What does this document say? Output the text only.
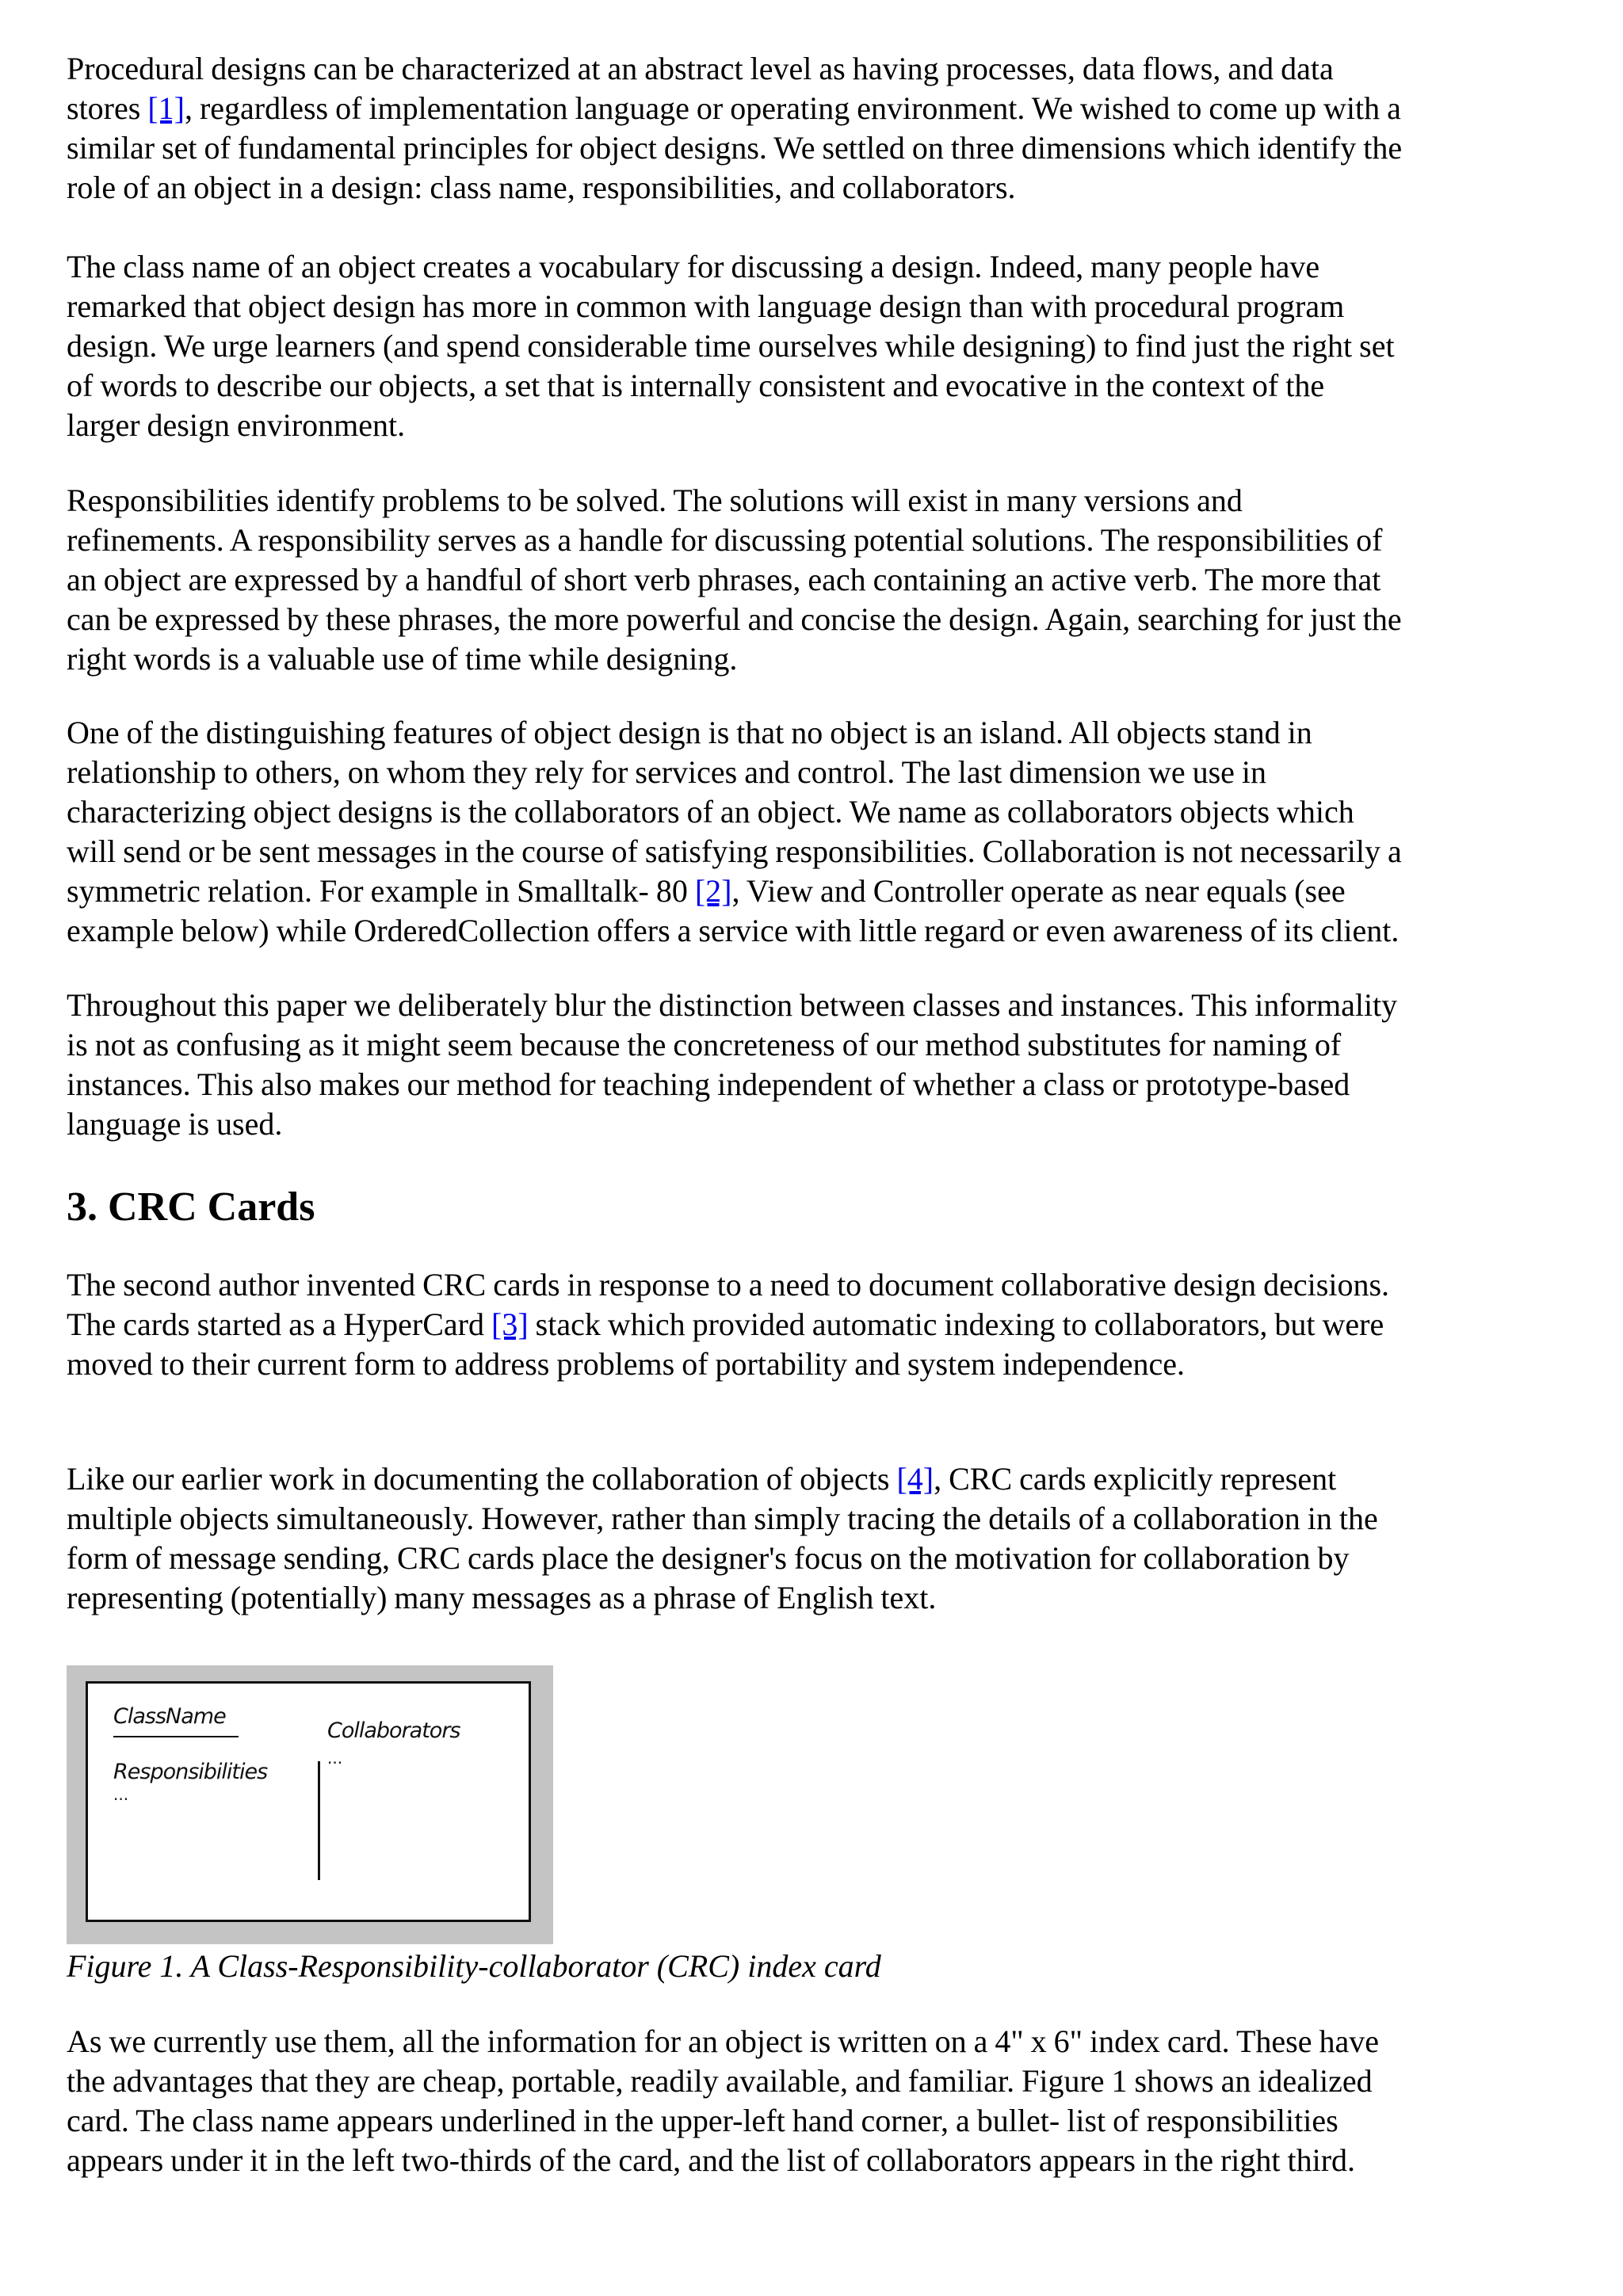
Procedural designs can be characterized at an abstract level as having processes, data flows, and data
stores [1], regardless of implementation language or operating environment. We wished to come up with a
similar set of fundamental principles for object designs. We settled on three dimensions which identify the
role of an object in a design: class name, responsibilities, and collaborators.

The class name of an object creates a vocabulary for discussing a design. Indeed, many people have
remarked that object design has more in common with language design than with procedural program
design. We urge learners (and spend considerable time ourselves while designing) to find just the right set
of words to describe our objects, a set that is internally consistent and evocative in the context of the
larger design environment.

Responsibilities identify problems to be solved. The solutions will exist in many versions and
refinements. A responsibility serves as a handle for discussing potential solutions. The responsibilities of
an object are expressed by a handful of short verb phrases, each containing an active verb. The more that
can be expressed by these phrases, the more powerful and concise the design. Again, searching for just the
right words is a valuable use of time while designing.

One of the distinguishing features of object design is that no object is an island. All objects stand in
relationship to others, on whom they rely for services and control. The last dimension we use in
characterizing object designs is the collaborators of an object. We name as collaborators objects which
will send or be sent messages in the course of satisfying responsibilities. Collaboration is not necessarily a
symmetric relation. For example in Smalltalk- 80 [2], View and Controller operate as near equals (see
example below) while OrderedCollection offers a service with little regard or even awareness of its client.

Throughout this paper we deliberately blur the distinction between classes and instances. This informality
is not as confusing as it might seem because the concreteness of our method substitutes for naming of
instances. This also makes our method for teaching independent of whether a class or prototype-based
language is used.

3. CRC Cards

The second author invented CRC cards in response to a need to document collaborative design decisions.
The cards started as a HyperCard [3] stack which provided automatic indexing to collaborators, but were
moved to their current form to address problems of portability and system independence.

Like our earlier work in documenting the collaboration of objects [4], CRC cards explicitly represent
multiple objects simultaneously. However, rather than simply tracing the details of a collaboration in the
form of message sending, CRC cards place the designer's focus on the motivation for collaboration by
representing (potentially) many messages as a phrase of English text.

ClassName
Responsibilities
...
Collaborators
...

Figure 1. A Class-Responsibility-collaborator (CRC) index card

As we currently use them, all the information for an object is written on a 4" x 6" index card. These have
the advantages that they are cheap, portable, readily available, and familiar. Figure 1 shows an idealized
card. The class name appears underlined in the upper-left hand corner, a bullet- list of responsibilities
appears under it in the left two-thirds of the card, and the list of collaborators appears in the right third.
